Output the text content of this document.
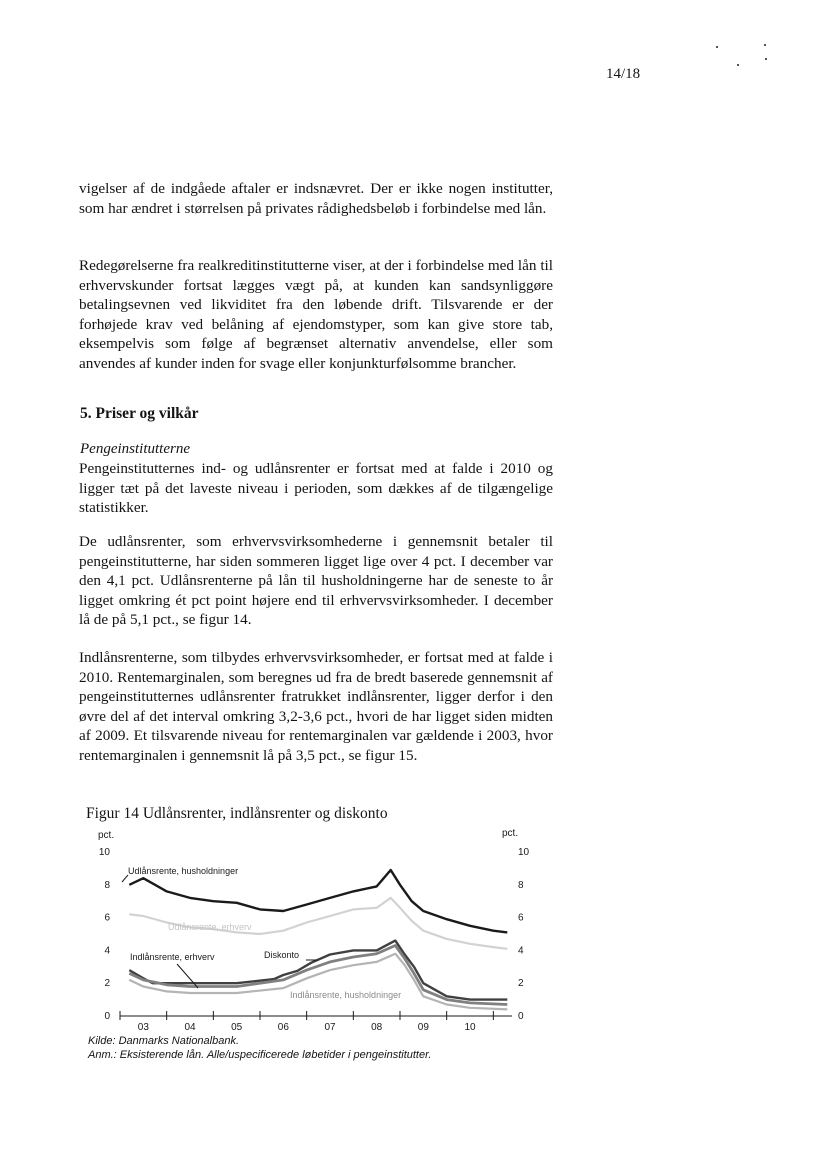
14/18
vigelser af de indgåede aftaler er indsnævret. Der er ikke nogen institutter, som har ændret i størrelsen på privates rådighedsbeløb i forbindelse med lån.
Redegørelserne fra realkreditinstitutterne viser, at der i forbindelse med lån til erhvervskunder fortsat lægges vægt på, at kunden kan sandsynliggøre betalingsevnen ved likviditet fra den løbende drift. Tilsvarende er der forhøjede krav ved belåning af ejendomstyper, som kan give store tab, eksempelvis som følge af begrænset alternativ anvendelse, eller som anvendes af kunder inden for svage eller konjunkturfølsomme brancher.
5. Priser og vilkår
Pengeinstitutterne
Pengeinstitutternes ind- og udlånsrenter er fortsat med at falde i 2010 og ligger tæt på det laveste niveau i perioden, som dækkes af de tilgængelige statistikker.
De udlånsrenter, som erhvervsvirksomhederne i gennemsnit betaler til pengeinstitutterne, har siden sommeren ligget lige over 4 pct. I december var den 4,1 pct. Udlånsrenterne på lån til husholdningerne har de seneste to år ligget omkring ét pct point højere end til erhvervsvirksomheder. I december lå de på 5,1 pct., se figur 14.
Indlånsrenterne, som tilbydes erhvervsvirksomheder, er fortsat med at falde i 2010. Rentemarginalen, som beregnes ud fra de bredt baserede gennemsnit af pengeinstitutternes udlånsrenter fratrukket indlånsrenter, ligger derfor i den øvre del af det interval omkring 3,2-3,6 pct., hvori de har ligget siden midten af 2009. Et tilsvarende niveau for rentemarginalen var gældende i 2003, hvor rentemarginalen i gennemsnit lå på 3,5 pct., se figur 15.
Figur 14 Udlånsrenter, indlånsrenter og diskonto
pct.	pct.
0
2
4
6
8
10
0
2
4
6
8
10
03	04	05	06	07	08	09	10
Udlånsrente, husholdninger
Udlånsrente, erhverv
Indlånsrente, erhverv	Diskonto
Indlånsrente, husholdninger
Kilde: Danmarks Nationalbank.
Anm.: Eksisterende lån. Alle/uspecificerede løbetider i pengeinstitutter.
